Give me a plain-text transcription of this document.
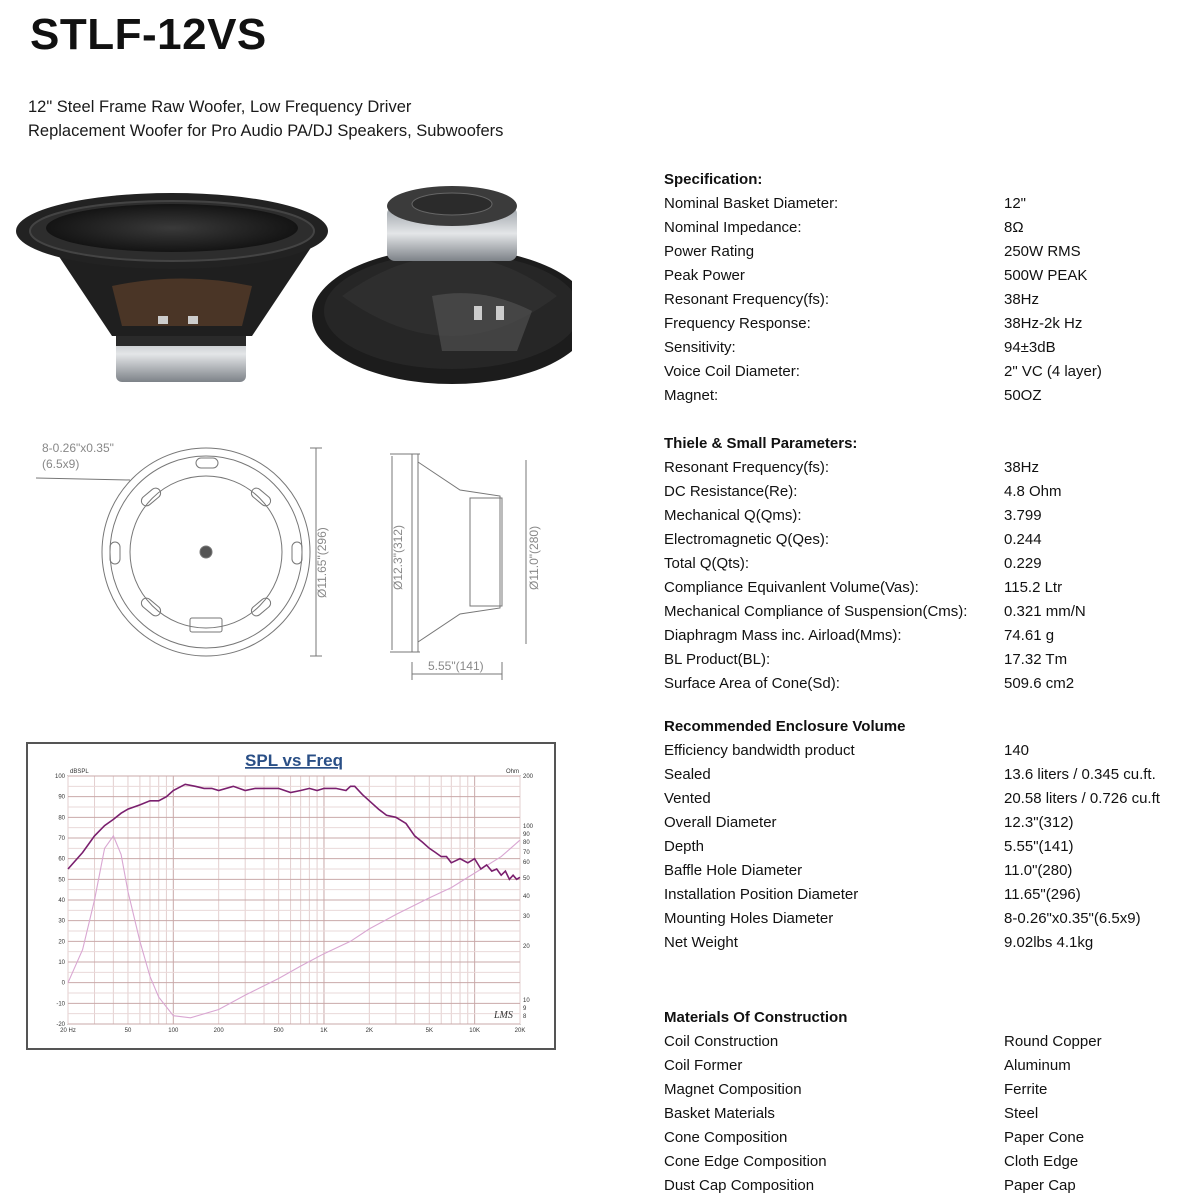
STLF-12VS
12" Steel Frame Raw Woofer, Low Frequency Driver
Replacement Woofer for Pro Audio PA/DJ Speakers, Subwoofers
8-0.26"x0.35"
(6.5x9)
Ø11.65"(296)	Ø12.3"(312)	Ø11.0"(280)
5.55"(141)
Specification:
Nominal Basket Diameter:	12"
Nominal Impedance:	8Ω
Power Rating	250W RMS
Peak Power	500W PEAK
Resonant Frequency(fs):	38Hz
Frequency Response:	38Hz-2k Hz
Sensitivity:	94±3dB
Voice Coil Diameter:	2" VC (4 layer)
Magnet:	50OZ
Thiele & Small Parameters:
Resonant Frequency(fs):	38Hz
DC Resistance(Re):	4.8 Ohm
Mechanical Q(Qms):	3.799
Electromagnetic Q(Qes):	0.244
Total Q(Qts):	0.229
Compliance Equivanlent Volume(Vas):	115.2 Ltr
Mechanical Compliance of Suspension(Cms):	0.321 mm/N
Diaphragm Mass inc. Airload(Mms):	74.61 g
BL Product(BL):	17.32 Tm
Surface Area of Cone(Sd):	509.6 cm2
Recommended Enclosure Volume
Efficiency bandwidth product	140
Sealed	13.6 liters / 0.345 cu.ft.
Vented	20.58 liters / 0.726 cu.ft
Overall Diameter	12.3"(312)
Depth	5.55"(141)
Baffle Hole Diameter	11.0"(280)
Installation Position Diameter	11.65"(296)
Mounting Holes Diameter	8-0.26"x0.35"(6.5x9)
Net Weight	9.02lbs 4.1kg
Materials Of Construction
Coil Construction	Round Copper
Coil Former	Aluminum
Magnet Composition	Ferrite
Basket Materials	Steel
Cone Composition	Paper Cone
Cone Edge Composition	Cloth Edge
Dust Cap Composition	Paper Cap
100
90
80
70
60
50
40
30
20
10
0
-10
-20
20 Hz	50	100	200	500	1K	2K	5K	10K	20K
200
100
90
80
70
60
50
40
30
20
10
9
8
dBSPL	Ohm
SPL vs Freq
LMS
